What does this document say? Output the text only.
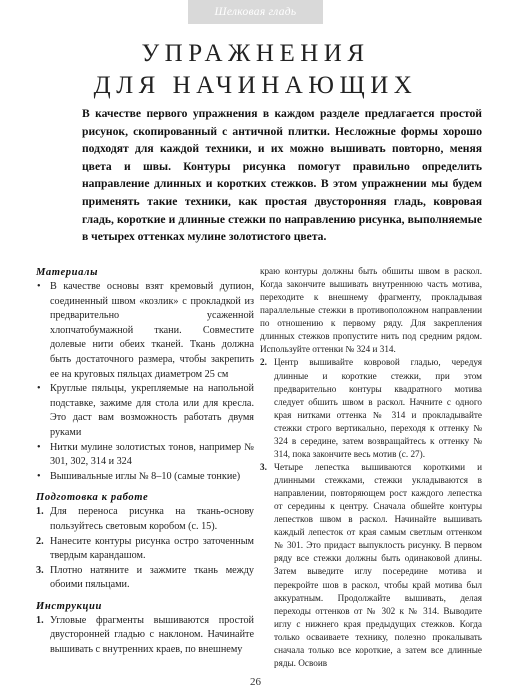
Шелковая гладь
УПРАЖНЕНИЯ
ДЛЯ НАЧИНАЮЩИХ

В качестве первого упражнения в каждом разделе предлагается простой рисунок, скопированный с античной плитки. Несложные формы хорошо подходят для каждой техники, и их можно вышивать повторно, меняя цвета и швы. Контуры рисунка помогут правильно определить направление длинных и коротких стежков. В этом упражнении мы будем применять такие техники, как простая двусторонняя гладь, ковровая гладь, короткие и длинные стежки по направлению рисунка, выполняемые в четырех оттенках мулине золотистого цвета.

Материалы
• В качестве основы взят кремовый дупион, соединенный швом «козлик» с прокладкой из предварительно усаженной хлопчатобумажной ткани. Совместите долевые нити обеих тканей. Ткань должна быть достаточного размера, чтобы закрепить ее на круговых пяльцах диаметром 25 см
• Круглые пяльцы, укрепляемые на напольной подставке, зажиме для стола или для кресла. Это даст вам возможность работать двумя руками
• Нитки мулине золотистых тонов, например № 301, 302, 314 и 324
• Вышивальные иглы № 8–10 (самые тонкие)
Подготовка к работе
1. Для переноса рисунка на ткань-основу пользуйтесь световым коробом (с. 15).
2. Нанесите контуры рисунка остро заточенным твердым карандашом.
3. Плотно натяните и зажмите ткань между обоими пяльцами.
Инструкции
1. Угловые фрагменты вышиваются простой двусторонней гладью с наклоном. Начинайте вышивать с внутренних краев, по внешнему
краю контуры должны быть обшиты швом в раскол. Когда закончите вышивать внутреннюю часть мотива, переходите к внешнему фрагменту, прокладывая параллельные стежки в противоположном направлении по отношению к первому ряду. Для закрепления длинных стежков пропустите нить под средним рядом. Используйте оттенки № 324 и 314.
2. Центр вышивайте ковровой гладью, чередуя длинные и короткие стежки, при этом предварительно контуры квадратного мотива следует обшить швом в раскол. Начните с одного края нитками оттенка № 314 и прокладывайте стежки строго вертикально, переходя к оттенку № 324 в середине, затем возвращайтесь к оттенку № 314, пока закончите весь мотив (с. 27).
3. Четыре лепестка вышиваются короткими и длинными стежками, стежки укладываются в направлении, повторяющем рост каждого лепестка от середины к центру. Сначала обшейте контуры лепестков швом в раскол. Начинайте вышивать каждый лепесток от края самым светлым оттенком № 301. Это придаст выпуклость рисунку. В первом ряду все стежки должны быть одинаковой длины. Затем выведите иглу посередине мотива и перекройте шов в раскол, чтобы край мотива был аккуратным. Продолжайте вышивать, делая переходы оттенков от № 302 к № 314. Выводите иглу с нижнего края предыдущих стежков. Когда только осваиваете технику, полезно прокалывать сначала только все короткие, а затем все длинные ряды. Освоив
26
